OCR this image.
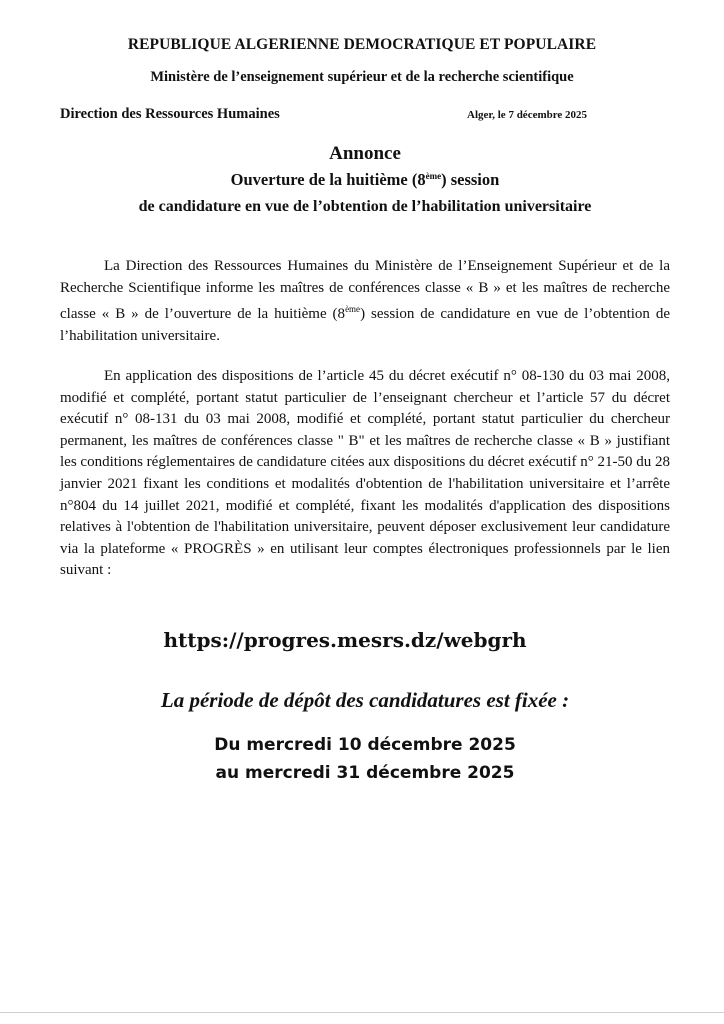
REPUBLIQUE ALGERIENNE DEMOCRATIQUE ET POPULAIRE
Ministère de l’enseignement supérieur et de la recherche scientifique
Direction des Ressources Humaines	Alger, le 7 décembre 2025
Annonce
Ouverture de la huitième (8ème) session
de candidature en vue de l’obtention de l’habilitation universitaire
La Direction des Ressources Humaines du Ministère de l’Enseignement Supérieur et de la Recherche Scientifique informe les maîtres de conférences classe « B » et les maîtres de recherche classe « B » de l’ouverture de la huitième (8ème) session de candidature en vue de l’obtention de l’habilitation universitaire.
En application des dispositions de l’article 45 du décret exécutif n° 08-130 du 03 mai 2008, modifié et complété, portant statut particulier de l’enseignant chercheur et l’article 57 du décret exécutif n° 08-131 du 03 mai 2008, modifié et complété, portant statut particulier du chercheur permanent, les maîtres de conférences classe " B" et les maîtres de recherche classe « B » justifiant les conditions réglementaires de candidature citées aux dispositions du décret exécutif n° 21-50 du 28 janvier 2021 fixant les conditions et modalités d'obtention de l'habilitation universitaire et l’arrête n°804 du 14 juillet 2021, modifié et complété, fixant les modalités d'application des dispositions relatives à l'obtention de l'habilitation universitaire, peuvent déposer exclusivement leur candidature via la plateforme « PROGRÈS » en utilisant leur comptes électroniques professionnels par le lien suivant :
https://progres.mesrs.dz/webgrh
La période de dépôt des candidatures est fixée :
Du mercredi 10 décembre 2025
au mercredi 31 décembre 2025
